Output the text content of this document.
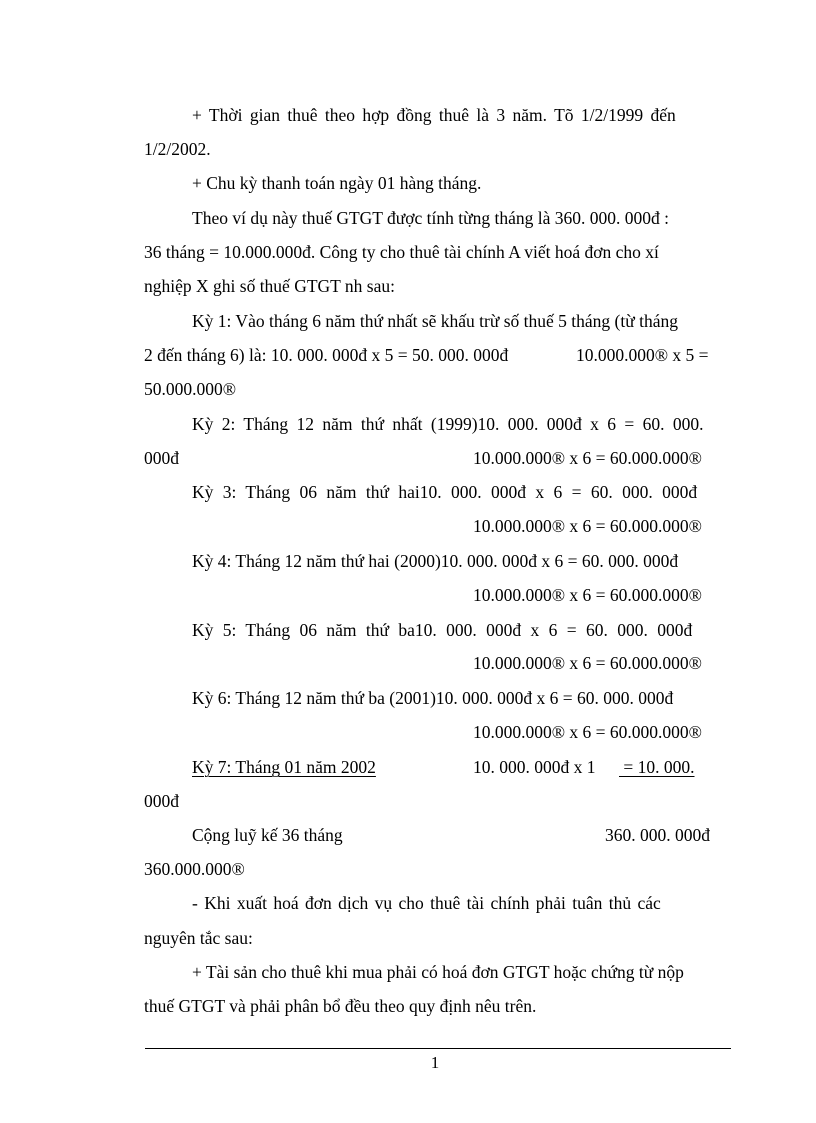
+ Thời gian thuê theo hợp đồng thuê là 3 năm. Tõ 1/2/1999 đến
1/2/2002.
+ Chu kỳ thanh toán ngày 01 hàng tháng.
Theo ví dụ này thuế GTGT được tính từng tháng là 360. 000. 000đ :
36 tháng = 10.000.000đ. Công ty cho thuê tài chính A viết hoá đơn cho xí
nghiệp X ghi số thuế GTGT nh sau:
Kỳ 1: Vào tháng 6 năm thứ nhất sẽ khấu trừ số thuế 5 tháng (từ tháng
2 đến tháng 6) là: 10. 000. 000đ x 5 = 50. 000. 000đ	10.000.000® x 5 =
50.000.000®
Kỳ 2: Tháng 12 năm thứ nhất (1999)10. 000. 000đ x 6 = 60. 000.
000đ	10.000.000® x 6 = 60.000.000®
Kỳ 3: Tháng 06 năm thứ hai10. 000. 000đ x 6 = 60. 000. 000đ
10.000.000® x 6 = 60.000.000®
Kỳ 4: Tháng 12 năm thứ hai (2000)10. 000. 000đ x 6 = 60. 000. 000đ
10.000.000® x 6 = 60.000.000®
Kỳ 5: Tháng 06 năm thứ ba10. 000. 000đ x 6 = 60. 000. 000đ
10.000.000® x 6 = 60.000.000®
Kỳ 6: Tháng 12 năm thứ ba (2001)10. 000. 000đ x 6 = 60. 000. 000đ
10.000.000® x 6 = 60.000.000®
Kỳ 7: Tháng 01 năm 2002	10. 000. 000đ x 1 = 10. 000.
000đ
Cộng luỹ kế 36 tháng	360. 000. 000đ
360.000.000®
- Khi xuất hoá đơn dịch vụ cho thuê tài chính phải tuân thủ các
nguyên tắc sau:
+ Tài sản cho thuê khi mua phải có hoá đơn GTGT hoặc chứng từ nộp
thuế GTGT và phải phân bổ đều theo quy định nêu trên.
1
